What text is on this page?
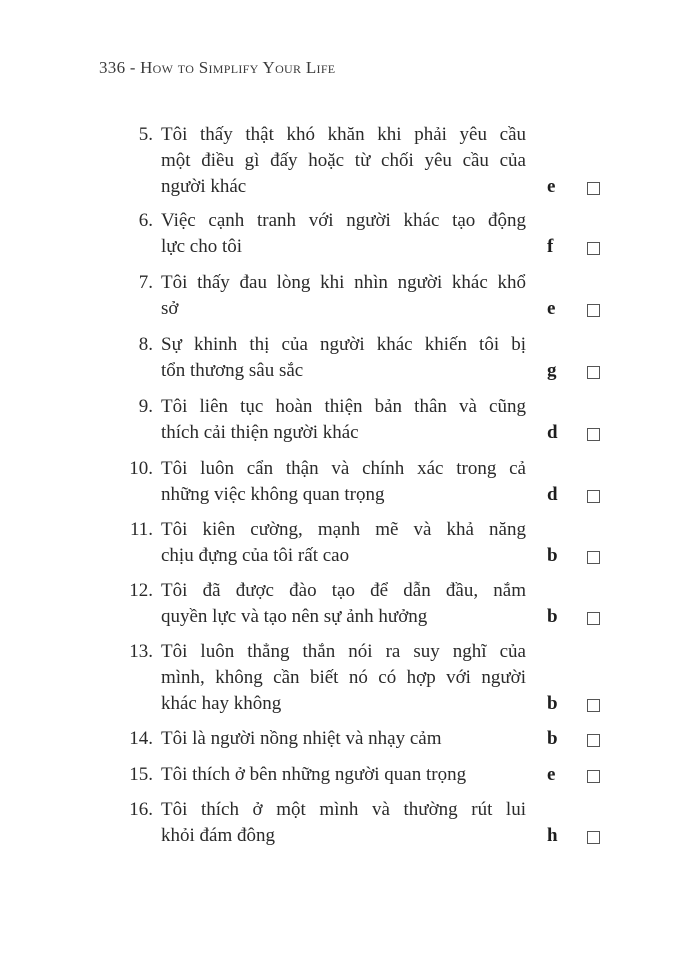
336 - How to Simplify Your Life
5. Tôi thấy thật khó khăn khi phải yêu cầu
một điều gì đấy hoặc từ chối yêu cầu của
người khác	e
6. Việc cạnh tranh với người khác tạo động
lực cho tôi	f
7. Tôi thấy đau lòng khi nhìn người khác khổ
sở	e
8. Sự khinh thị của người khác khiến tôi bị
tổn thương sâu sắc	g
9. Tôi liên tục hoàn thiện bản thân và cũng
thích cải thiện người khác	d
10. Tôi luôn cẩn thận và chính xác trong cả
những việc không quan trọng	d
11. Tôi kiên cường, mạnh mẽ và khả năng
chịu đựng của tôi rất cao	b
12. Tôi đã được đào tạo để dẫn đầu, nắm
quyền lực và tạo nên sự ảnh hưởng	b
13. Tôi luôn thẳng thắn nói ra suy nghĩ của
mình, không cần biết nó có hợp với người
khác hay không	b
14. Tôi là người nồng nhiệt và nhạy cảm	b
15. Tôi thích ở bên những người quan trọng	e
16. Tôi thích ở một mình và thường rút lui
khỏi đám đông	h
